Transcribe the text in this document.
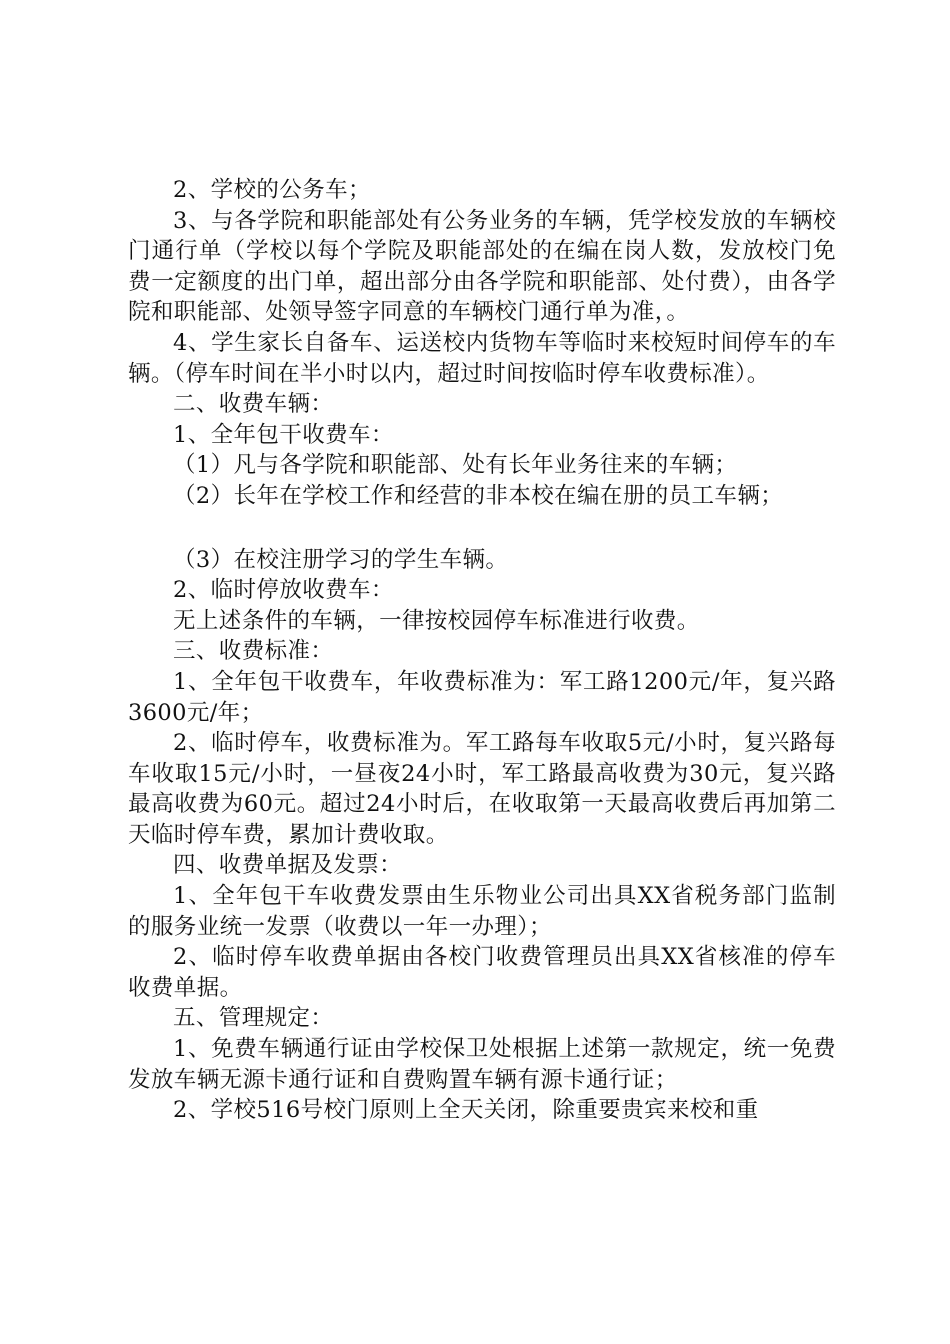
2、学校的公务车；

3、与各学院和职能部处有公务业务的车辆，凭学校发放的车辆校门通行单（学校以每个学院及职能部处的在编在岗人数，发放校门免费一定额度的出门单，超出部分由各学院和职能部、处付费），由各学院和职能部、处领导签字同意的车辆校门通行单为准，。

4、学生家长自备车、运送校内货物车等临时来校短时间停车的车辆。（停车时间在半小时以内，超过时间按临时停车收费标准）。

二、收费车辆：

1、全年包干收费车：

（1）凡与各学院和职能部、处有长年业务往来的车辆；

（2）长年在学校工作和经营的非本校在编在册的员工车辆；

（3）在校注册学习的学生车辆。

2、临时停放收费车：

无上述条件的车辆，一律按校园停车标准进行收费。

三、收费标准：

1、全年包干收费车，年收费标准为：军工路1200元/年，复兴路3600元/年；

2、临时停车，收费标准为。军工路每车收取5元/小时，复兴路每车收取15元/小时，一昼夜24小时，军工路最高收费为30元，复兴路最高收费为60元。超过24小时后，在收取第一天最高收费后再加第二天临时停车费，累加计费收取。

四、收费单据及发票：

1、全年包干车收费发票由生乐物业公司出具XX省税务部门监制的服务业统一发票（收费以一年一办理）；

2、临时停车收费单据由各校门收费管理员出具XX省核准的停车收费单据。

五、管理规定：

1、免费车辆通行证由学校保卫处根据上述第一款规定，统一免费发放车辆无源卡通行证和自费购置车辆有源卡通行证；

2、学校516号校门原则上全天关闭，除重要贵宾来校和重
